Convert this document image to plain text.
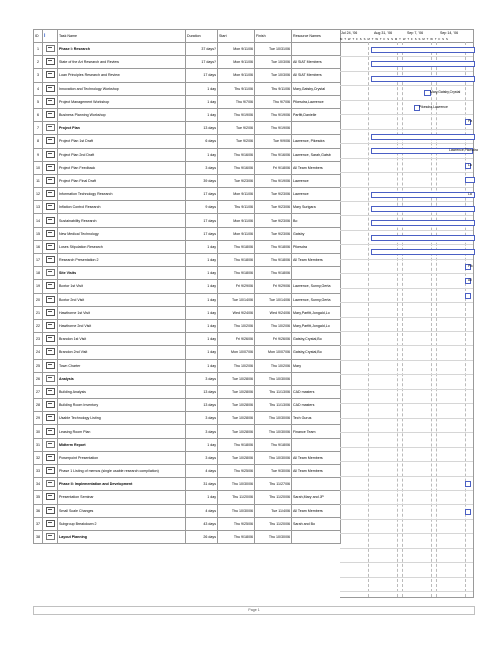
ID	i	Task Name	Duration	Start	Finish	Resource Names
1		Phase I: Research	37 days?	Mon 9/11/06	Tue 10/31/06	
2		State of the Art Research and Review	17 days?	Mon 9/11/06	Tue 10/3/06	All SIAT Members
3		Loan Principles Research and Review	17 days	Mon 9/11/06	Tue 10/3/06	All SIAT Members
4		Innovation and Technology Workshop	1 day	Thu 9/11/06	Thu 9/11/06	Mary,Gatsby,Crystal
5		Project Management Workshop	1 day	Thu 9/7/06	Thu 9/7/06	Pikesdra,Lawrence
6		Business Planning Workshop	1 day	Thu 9/19/06	Thu 9/19/06	Parfitt,Danielle
7		Project Plan	13 days	Tue 9/2/06	Thu 9/19/06	
8		Project Plan 1st Draft	6 days	Tue 9/2/06	Tue 9/9/06	Lawrence, Pikesdra
9		Project Plan 2nd Draft	1 day	Thu 9/16/06	Thu 9/16/06	Lawrence, Sarah,Gatsb
10		Project Plan Feedback	3 days	Thu 9/16/06	Fri 9/18/06	All Team Members
11		Project Plan Final Draft	39 days	Tue 9/23/06	Thu 9/19/06	Lawrence
12		Information Technology Research	17 days	Mon 9/11/06	Tue 9/23/06	Lawrence
13		Inflation Control Research	9 days	Thu 9/11/06	Tue 9/23/06	Mary Surigara
14		Sustainability Research	17 days	Mon 9/11/06	Tue 9/23/06	Bo
15		New Medical Technology	17 days	Mon 9/11/06	Tue 9/23/06	Gatsby
16		Loses Stipulation Research	1 day	Thu 9/18/06	Thu 9/18/06	Pikesdra
17		Research Presentation 2	1 day	Thu 9/18/06	Thu 9/18/06	All Team Members
18		Site Visits	1 day	Thu 9/18/06	Thu 9/18/06	
19		Boxtor 1st Visit	1 day	Fri 9/29/06	Fri 9/29/06	Lawrence, Sunny,Gerta
20		Boxtor 2nd Visit	1 day	Tue 10/14/06	Tue 10/14/06	Lawrence, Sunny,Gerta
21		Hawthorne 1st Visit	1 day	Wed 9/24/06	Wed 9/24/06	Mary,Parfitt,Jongald,Lo
22		Hawthorne 2nd Visit	1 day	Thu 10/2/06	Thu 10/2/06	Mary,Parfitt,Jongald,Lo
23		Brandon 1st Visit	1 day	Fri 9/26/06	Fri 9/26/06	Gatsby,Crystal,Bo
24		Brandon 2nd Visit	1 day	Mon 10/07/06	Mon 10/07/06	Gatsby,Crystal,Bo
25		Town Charter	1 day	Thu 10/2/06	Thu 10/2/06	Mary
26		Analysis	3 days	Tue 10/28/06	Thu 10/30/06	
27		Building Analysis	13 days	Tue 10/28/06	Thu 11/13/06	CAD masters
28		Building Room Inventory	13 days	Tue 10/28/06	Thu 11/13/06	CAD masters
29		Usable Technology Listing	3 days	Tue 10/28/06	Thu 10/30/06	Tech Gurus
30		Leasing Room Plan	3 days	Tue 10/28/06	Thu 10/30/06	Finance Team
31		Midterm Report	1 day	Thu 9/18/06	Thu 9/18/06	
32		Powerpoint Presentation	3 days	Tue 10/28/06	Thu 10/30/06	All Team Members
33		Phase 1 Listing of memos (single usable research compilation)	4 days	Thu 9/25/06	Tue 9/30/06	All Team Members
34		Phase II: Implementation and Development	31 days	Thu 10/30/06	Thu 11/27/06	
35		Presentation Seminar	1 day	Thu 11/20/06	Thu 11/20/06	Sarah,Mary and JP
36		Small Scale Changes	4 days	Thu 10/30/06	Tue 11/4/06	All Team Members
37		Subgroup Breakdown 2	43 days	Thu 9/25/06	Thu 11/20/06	Sarah and Bo
38		Layout Planning	26 days	Thu 9/18/06	Thu 10/30/06	
Jul 24, '06	Aug 31, '06	Sep 7, '06	Sep 14, '06
M T W T F S S M T W T F S S M T W T F S S M T W T F S S
Mary,Gatsby,Crystal
Pikesdra,Lawrence
Pa
Lawrence,Pikesdra
La
La
Pik
All
Page 1
